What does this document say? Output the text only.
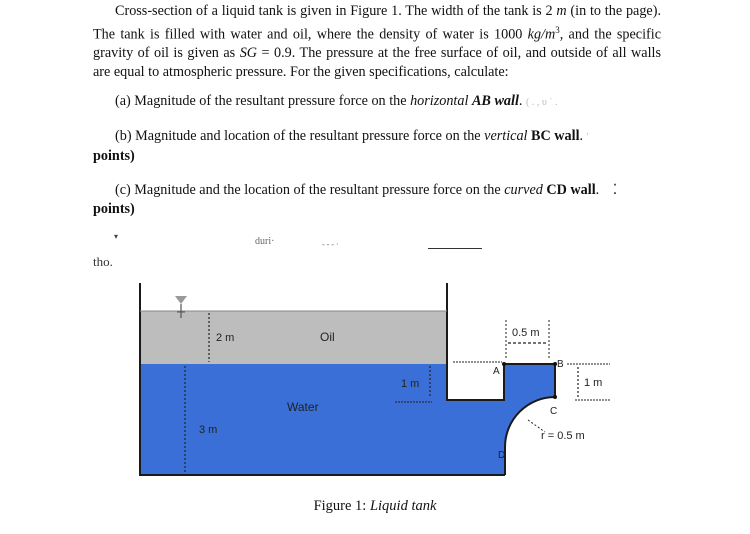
Cross-section of a liquid tank is given in Figure 1. The width of the tank is 2 m (in to the page). The tank is filled with water and oil, where the density of water is 1000 $kg/m^3$, and the specific gravity of oil is given as SG = 0.9. The pressure at the free surface of oil, and outside of all walls are equal to atmospheric pressure. For the given specifications, calculate:
(a) Magnitude of the resultant pressure force on the horizontal AB wall. ( . , υ ˙ .
(b) Magnitude and location of the resultant pressure force on the vertical BC wall. '
points)
(c) Magnitude and the location of the resultant pressure force on the curved CD wall. ⁚
points)
▾	duri·	- - - ·
tho.
2 m
3 m
1 m
0.5 m
1 m
r = 0.5 m
A
B
C
D
Oil
Water
Figure 1: Liquid tank
